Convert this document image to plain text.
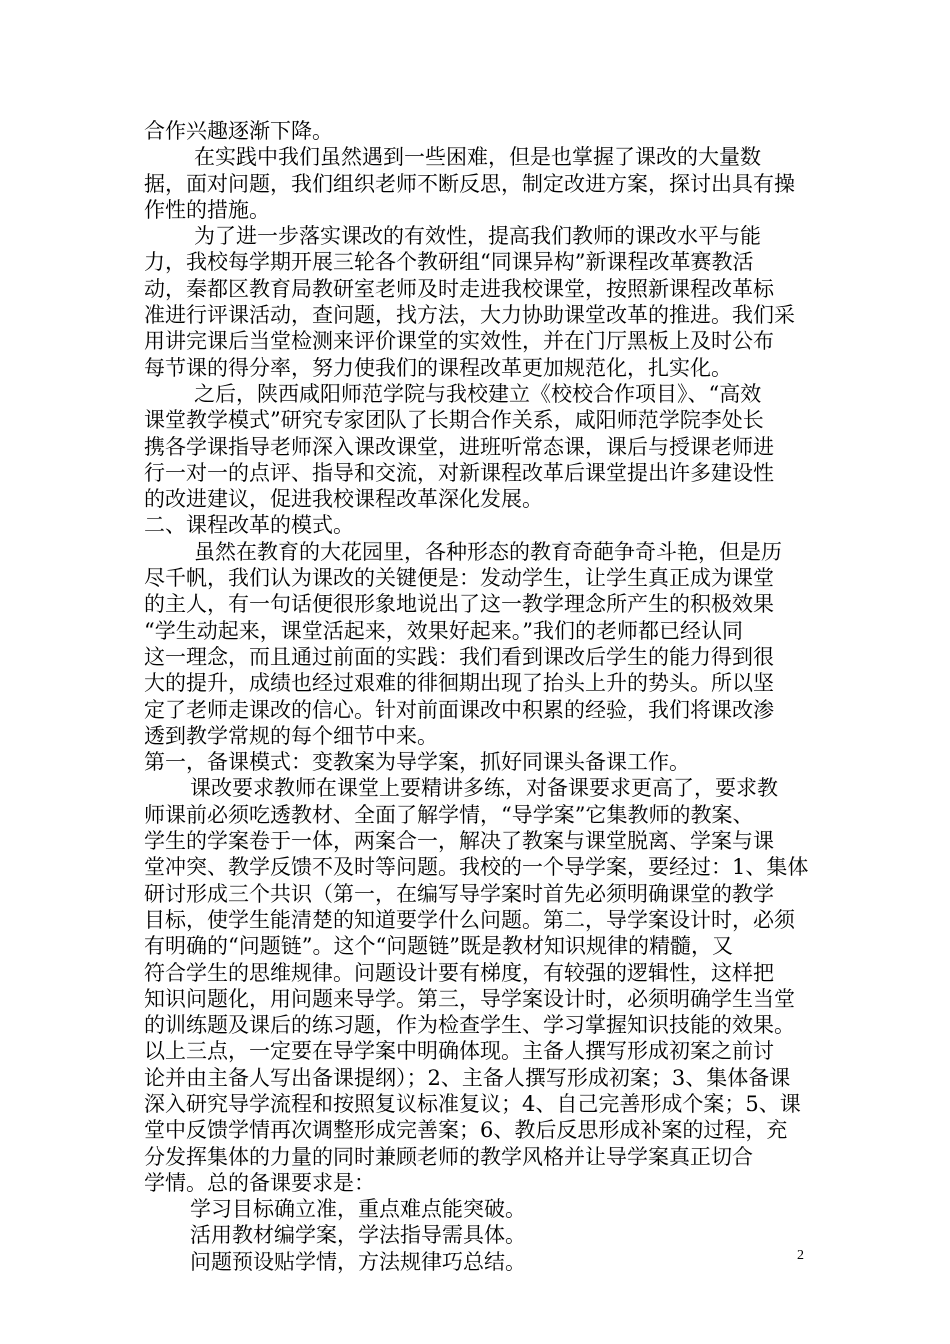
合作兴趣逐渐下降。
在实践中我们虽然遇到一些困难，但是也掌握了课改的大量数
据，面对问题，我们组织老师不断反思，制定改进方案，探讨出具有操
作性的措施。
为了进一步落实课改的有效性，提高我们教师的课改水平与能
力，我校每学期开展三轮各个教研组“同课异构”新课程改革赛教活
动，秦都区教育局教研室老师及时走进我校课堂，按照新课程改革标
准进行评课活动，查问题，找方法，大力协助课堂改革的推进。我们采
用讲完课后当堂检测来评价课堂的实效性，并在门厅黑板上及时公布
每节课的得分率，努力使我们的课程改革更加规范化，扎实化。
之后，陕西咸阳师范学院与我校建立《校校合作项目》、“高效
课堂教学模式”研究专家团队了长期合作关系，咸阳师范学院李处长
携各学课指导老师深入课改课堂，进班听常态课，课后与授课老师进
行一对一的点评、指导和交流，对新课程改革后课堂提出许多建设性
的改进建议，促进我校课程改革深化发展。
二、课程改革的模式。
虽然在教育的大花园里，各种形态的教育奇葩争奇斗艳，但是历
尽千帆，我们认为课改的关键便是：发动学生，让学生真正成为课堂
的主人，有一句话便很形象地说出了这一教学理念所产生的积极效果
“学生动起来，课堂活起来，效果好起来。”我们的老师都已经认同
这一理念，而且通过前面的实践：我们看到课改后学生的能力得到很
大的提升，成绩也经过艰难的徘徊期出现了抬头上升的势头。所以坚
定了老师走课改的信心。针对前面课改中积累的经验，我们将课改渗
透到教学常规的每个细节中来。
第一，备课模式：变教案为导学案，抓好同课头备课工作。
课改要求教师在课堂上要精讲多练，对备课要求更高了，要求教
师课前必须吃透教材、全面了解学情，“导学案”它集教师的教案、
学生的学案卷于一体，两案合一，解决了教案与课堂脱离、学案与课
堂冲突、教学反馈不及时等问题。我校的一个导学案，要经过：1、集体
研讨形成三个共识（第一，在编写导学案时首先必须明确课堂的教学
目标，使学生能清楚的知道要学什么问题。第二，导学案设计时，必须
有明确的“问题链”。这个“问题链”既是教材知识规律的精髓，又
符合学生的思维规律。问题设计要有梯度，有较强的逻辑性，这样把
知识问题化，用问题来导学。第三，导学案设计时，必须明确学生当堂
的训练题及课后的练习题，作为检查学生、学习掌握知识技能的效果。
以上三点，一定要在导学案中明确体现。主备人撰写形成初案之前讨
论并由主备人写出备课提纲）；2、主备人撰写形成初案；3、集体备课
深入研究导学流程和按照复议标准复议；4、自己完善形成个案；5、课
堂中反馈学情再次调整形成完善案；6、教后反思形成补案的过程，充
分发挥集体的力量的同时兼顾老师的教学风格并让导学案真正切合
学情。总的备课要求是：
学习目标确立准，重点难点能突破。
活用教材编学案，学法指导需具体。
问题预设贴学情，方法规律巧总结。	2
